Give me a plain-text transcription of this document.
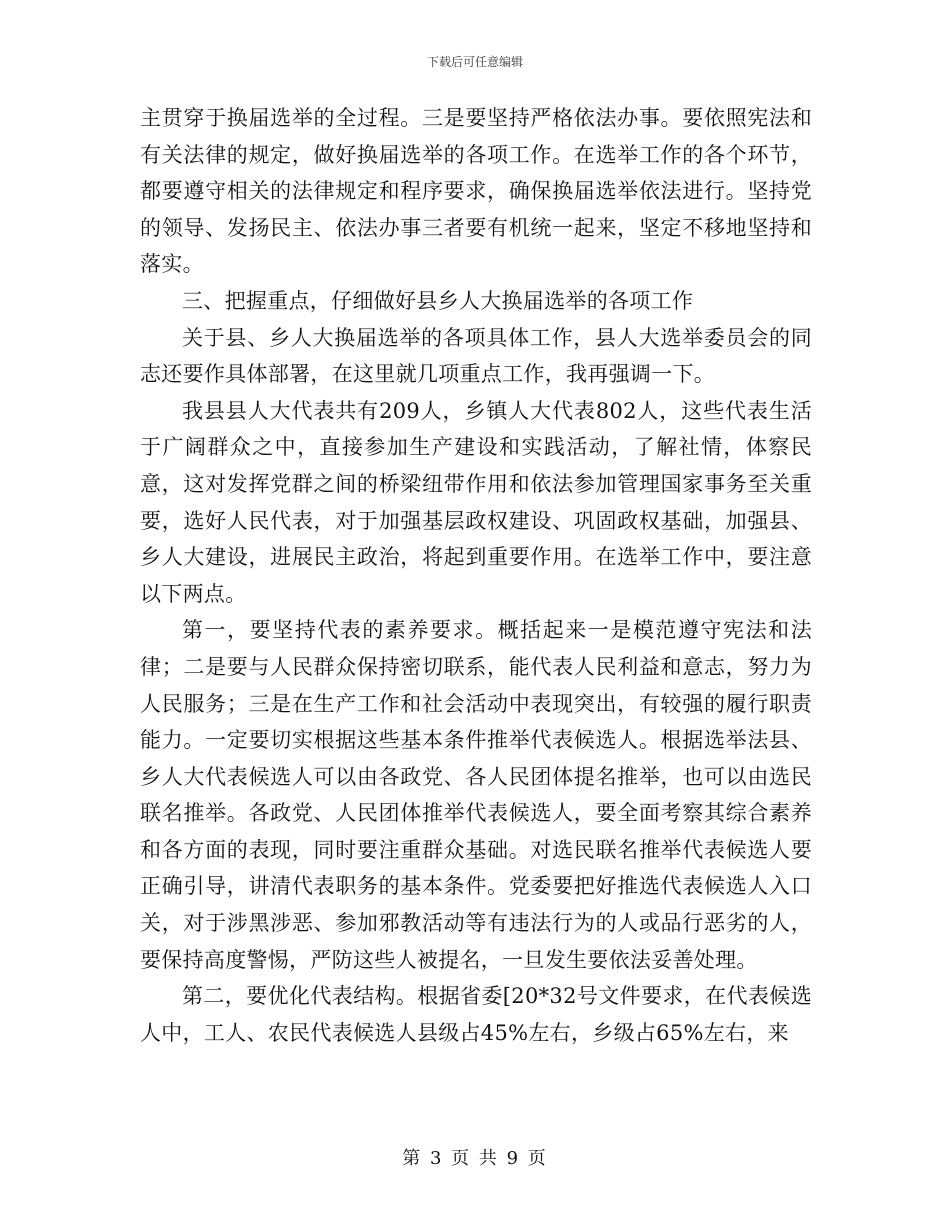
下载后可任意编辑

主贯穿于换届选举的全过程。三是要坚持严格依法办事。要依照宪法和有关法律的规定，做好换届选举的各项工作。在选举工作的各个环节，都要遵守相关的法律规定和程序要求，确保换届选举依法进行。坚持党的领导、发扬民主、依法办事三者要有机统一起来，坚定不移地坚持和落实。

三、把握重点，仔细做好县乡人大换届选举的各项工作

关于县、乡人大换届选举的各项具体工作，县人大选举委员会的同志还要作具体部署，在这里就几项重点工作，我再强调一下。

我县县人大代表共有209人，乡镇人大代表802人，这些代表生活于广阔群众之中，直接参加生产建设和实践活动，了解社情，体察民意，这对发挥党群之间的桥梁纽带作用和依法参加管理国家事务至关重要，选好人民代表，对于加强基层政权建设、巩固政权基础，加强县、乡人大建设，进展民主政治，将起到重要作用。在选举工作中，要注意以下两点。

第一，要坚持代表的素养要求。概括起来一是模范遵守宪法和法律；二是要与人民群众保持密切联系，能代表人民利益和意志，努力为人民服务；三是在生产工作和社会活动中表现突出，有较强的履行职责能力。一定要切实根据这些基本条件推举代表候选人。根据选举法县、乡人大代表候选人可以由各政党、各人民团体提名推举，也可以由选民联名推举。各政党、人民团体推举代表候选人，要全面考察其综合素养和各方面的表现，同时要注重群众基础。对选民联名推举代表候选人要正确引导，讲清代表职务的基本条件。党委要把好推选代表候选人入口关，对于涉黑涉恶、参加邪教活动等有违法行为的人或品行恶劣的人，要保持高度警惕，严防这些人被提名，一旦发生要依法妥善处理。

第二，要优化代表结构。根据省委[20*32号文件要求，在代表候选人中，工人、农民代表候选人县级占45%左右，乡级占65%左右，来

第 3 页 共 9 页
